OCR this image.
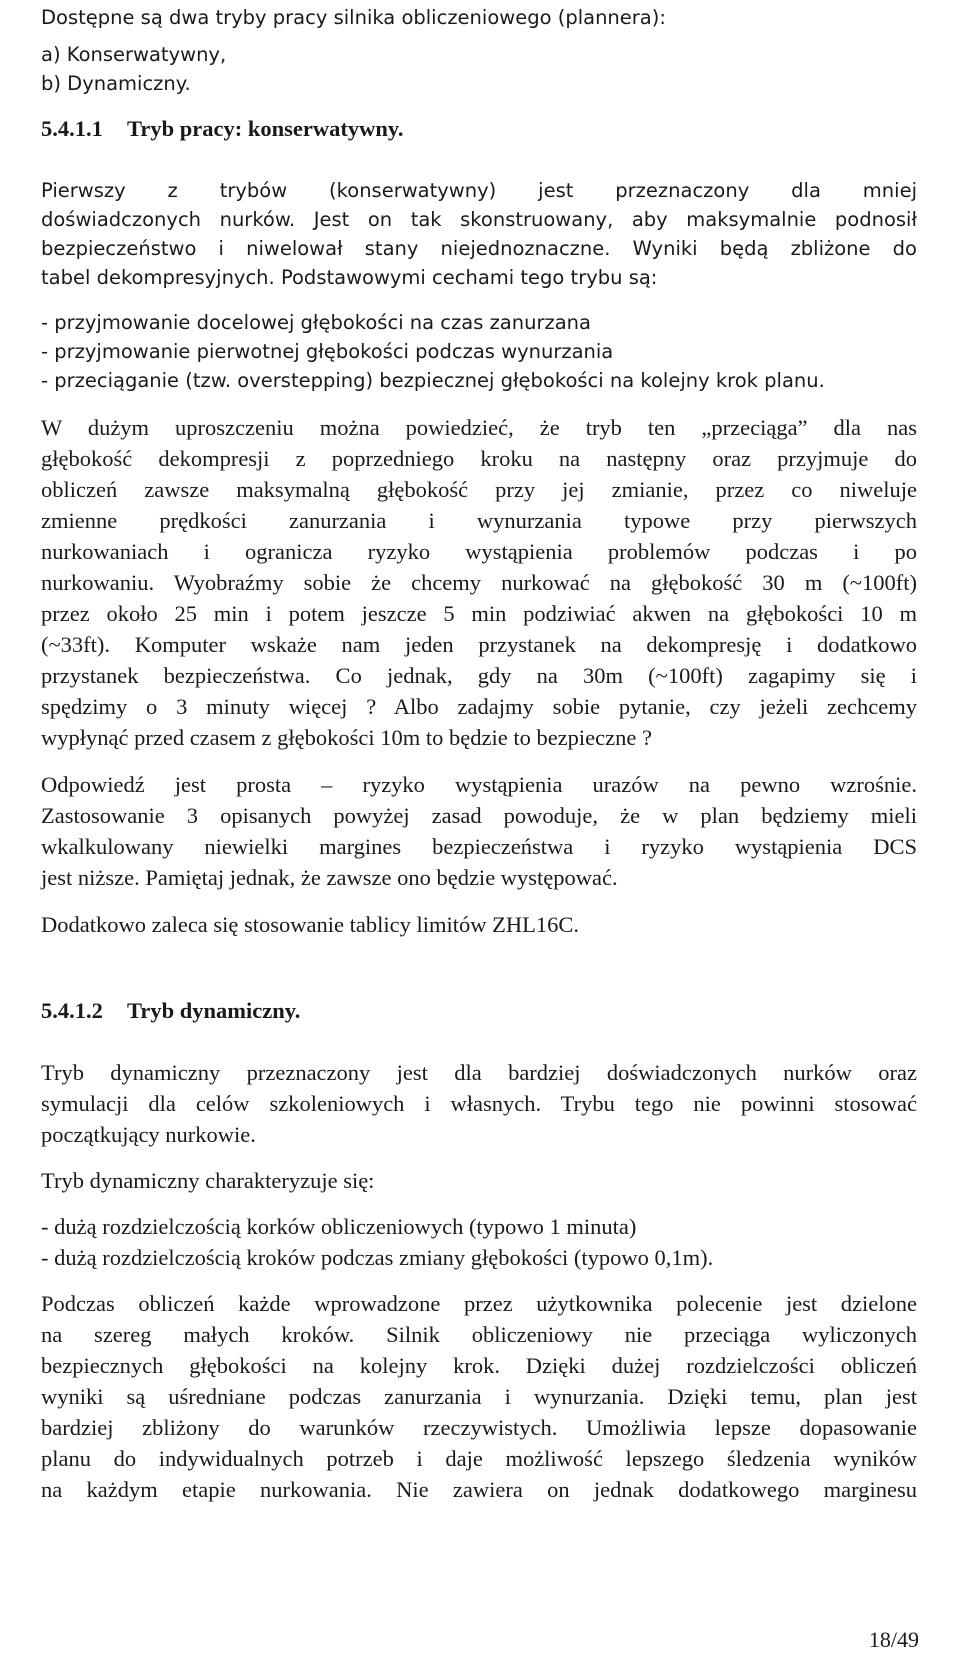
Dostępne są dwa tryby pracy silnika obliczeniowego (plannera):

a) Konserwatywny,

b) Dynamiczny.

5.4.1.1 Tryb pracy: konserwatywny.

Pierwszy z trybów (konserwatywny) jest przeznaczony dla mniej

doświadczonych nurków. Jest on tak skonstruowany, aby maksymalnie podnosił

bezpieczeństwo i niwelował stany niejednoznaczne. Wyniki będą zbliżone do

tabel dekompresyjnych. Podstawowymi cechami tego trybu są:

- przyjmowanie docelowej głębokości na czas zanurzana

- przyjmowanie pierwotnej głębokości podczas wynurzania

- przeciąganie (tzw. overstepping) bezpiecznej głębokości na kolejny krok planu.

W dużym uproszczeniu można powiedzieć, że tryb ten „przeciąga” dla nas

głębokość dekompresji z poprzedniego kroku na następny oraz przyjmuje do

obliczeń zawsze maksymalną głębokość przy jej zmianie, przez co niweluje

zmienne prędkości zanurzania i wynurzania typowe przy pierwszych

nurkowaniach i ogranicza ryzyko wystąpienia problemów podczas i po

nurkowaniu. Wyobraźmy sobie że chcemy nurkować na głębokość 30 m (~100ft)

przez około 25 min i potem jeszcze 5 min podziwiać akwen na głębokości 10 m

(~33ft). Komputer wskaże nam jeden przystanek na dekompresję i dodatkowo

przystanek bezpieczeństwa. Co jednak, gdy na 30m (~100ft) zagapimy się i

spędzimy o 3 minuty więcej ? Albo zadajmy sobie pytanie, czy jeżeli zechcemy

wypłynąć przed czasem z głębokości 10m to będzie to bezpieczne ?

Odpowiedź jest prosta – ryzyko wystąpienia urazów na pewno wzrośnie.

Zastosowanie 3 opisanych powyżej zasad powoduje, że w plan będziemy mieli

wkalkulowany niewielki margines bezpieczeństwa i ryzyko wystąpienia DCS

jest niższe. Pamiętaj jednak, że zawsze ono będzie występować.

Dodatkowo zaleca się stosowanie tablicy limitów ZHL16C.

5.4.1.2 Tryb dynamiczny.

Tryb dynamiczny przeznaczony jest dla bardziej doświadczonych nurków oraz

symulacji dla celów szkoleniowych i własnych. Trybu tego nie powinni stosować

początkujący nurkowie.

Tryb dynamiczny charakteryzuje się:

- dużą rozdzielczością korków obliczeniowych (typowo 1 minuta)

- dużą rozdzielczością kroków podczas zmiany głębokości (typowo 0,1m).

Podczas obliczeń każde wprowadzone przez użytkownika polecenie jest dzielone

na szereg małych kroków. Silnik obliczeniowy nie przeciąga wyliczonych

bezpiecznych głębokości na kolejny krok. Dzięki dużej rozdzielczości obliczeń

wyniki są uśredniane podczas zanurzania i wynurzania. Dzięki temu, plan jest

bardziej zbliżony do warunków rzeczywistych. Umożliwia lepsze dopasowanie

planu do indywidualnych potrzeb i daje możliwość lepszego śledzenia wyników

na każdym etapie nurkowania. Nie zawiera on jednak dodatkowego marginesu

18/49
